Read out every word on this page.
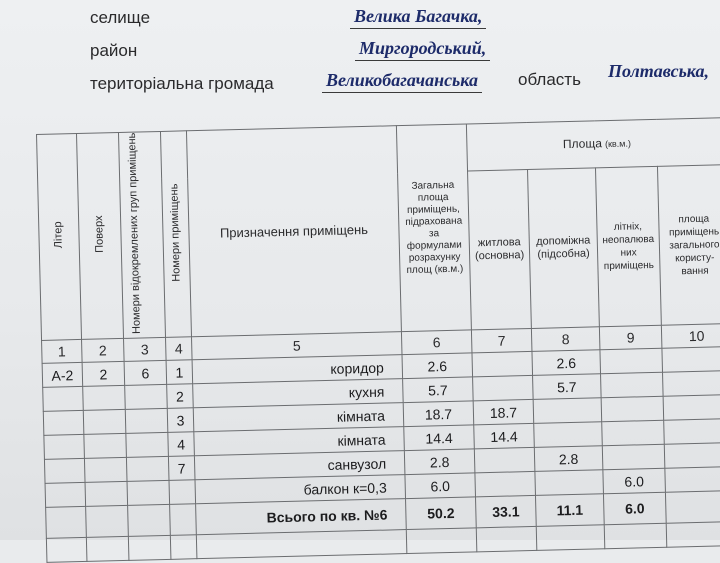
селище	Велика Багачка,
район	Миргородський,
територіальна громада	Великобагачанська область Полтавська,
Літер	Поверх	Номери відокремлених груп приміщень	Номери приміщень	Призначення приміщень	Загальна площа приміщень, підрахована за формулами розрахунку площ (кв.м.)	Площа (кв.м.)			
						житлова (основна)	допоміжна (підсобна)	літніх, неопалюва них приміщень	площа приміщень загального користу- вання
1	2	3	4	5	6	7	8	9	10
А-2	2	6	1	коридор	2.6		2.6		
			2	кухня	5.7		5.7		
			3	кімната	18.7	18.7			
			4	кімната	14.4	14.4			
			7	санвузол	2.8		2.8		
				балкон к=0,3	6.0			6.0	
				Всього по кв. №6	50.2	33.1	11.1	6.0	
